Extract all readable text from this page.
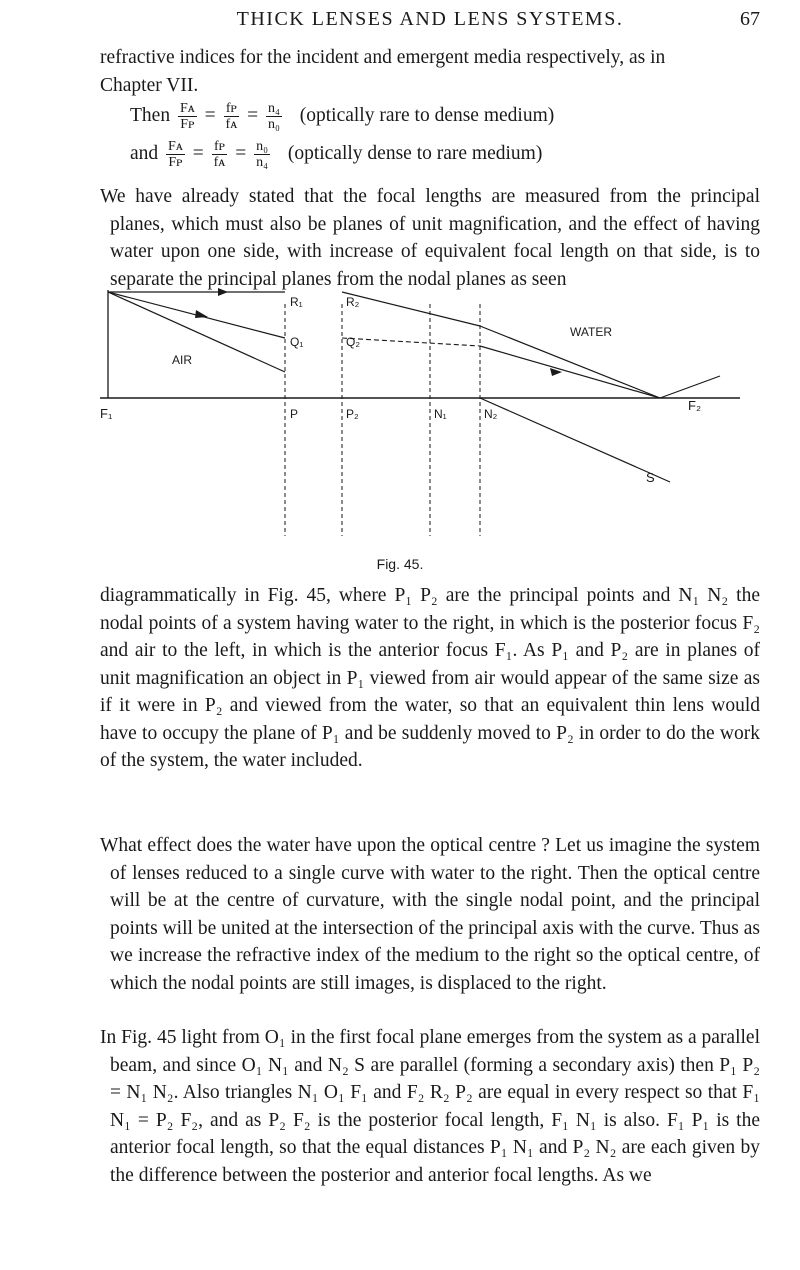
THICK LENSES AND LENS SYSTEMS.	67

refractive indices for the incident and emergent media respectively, as in

Chapter VII.

Then $\frac{\text{Fᴀ}}{\text{Fᴘ}} = \frac{\text{fᴘ}}{\text{fᴀ}} = \frac{\text{n₄}}{\text{n₀}}$ (optically rare to dense medium)
and $\frac{\text{Fᴀ}}{\text{Fᴘ}} = \frac{\text{fᴘ}}{\text{fᴀ}} = \frac{\text{n₀}}{\text{n₄}}$ (optically dense to rare medium)

We have already stated that the focal lengths are measured from the principal planes, which must also be planes of unit magnification, and the effect of having water upon one side, with increase of equivalent focal length on that side, is to separate the principal planes from the nodal planes as seen

F₁
AIR
WATER
R₁	R₂
Q₁	Q₂
P	P₂	N₁	N₂
F₂
S
Fig. 45.

diagrammatically in Fig. 45, where P₁ P₂ are the principal points and N₁ N₂ the nodal points of a system having water to the right, in which is the posterior focus F₂ and air to the left, in which is the anterior focus F₁. As P₁ and P₂ are in planes of unit magnification an object in P₁ viewed from air would appear of the same size as if it were in P₂ and viewed from the water, so that an equivalent thin lens would have to occupy the plane of P₁ and be suddenly moved to P₂ in order to do the work of the system, the water included.

What effect does the water have upon the optical centre ? Let us imagine the system of lenses reduced to a single curve with water to the right. Then the optical centre will be at the centre of curvature, with the single nodal point, and the principal points will be united at the intersection of the principal axis with the curve. Thus as we increase the refractive index of the medium to the right so the optical centre, of which the nodal points are still images, is displaced to the right.

In Fig. 45 light from O₁ in the first focal plane emerges from the system as a parallel beam, and since O₁ N₁ and N₂ S are parallel (forming a secondary axis) then P₁ P₂ = N₁ N₂. Also triangles N₁ O₁ F₁ and F₂ R₂ P₂ are equal in every respect so that F₁ N₁ = P₂ F₂, and as P₂ F₂ is the posterior focal length, F₁ N₁ is also. F₁ P₁ is the anterior focal length, so that the equal distances P₁ N₁ and P₂ N₂ are each given by the difference between the posterior and anterior focal lengths. As we
